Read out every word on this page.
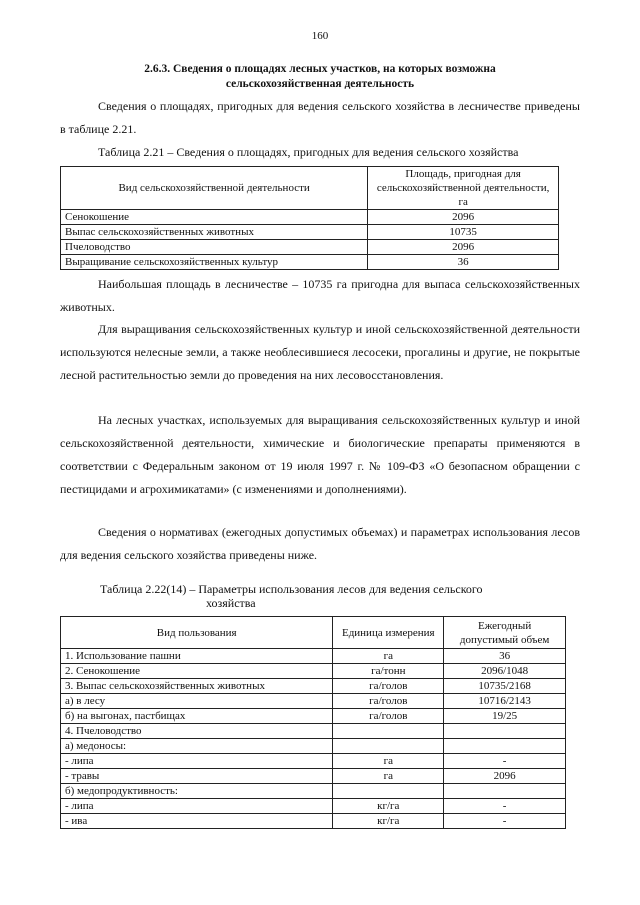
160
2.6.3. Сведения о площадях лесных участков, на которых возможна
сельскохозяйственная деятельность

Сведения о площадях, пригодных для ведения сельского хозяйства в лесничестве приведены в таблице 2.21.

Таблица 2.21 – Сведения о площадях, пригодных для ведения сельского хозяйства

Вид сельскохозяйственной деятельности	Площадь, пригодная для сельскохозяйственной деятельности, га
Сенокошение	2096
Выпас сельскохозяйственных животных	10735
Пчеловодство	2096
Выращивание сельскохозяйственных культур	36

Наибольшая площадь в лесничестве – 10735 га пригодна для выпаса сельскохозяйственных животных.

Для выращивания сельскохозяйственных культур и иной сельскохозяйственной деятельности используются нелесные земли, а также необлесившиеся лесосеки, прогалины и другие, не покрытые лесной растительностью земли до проведения на них лесовосстановления.

На лесных участках, используемых для выращивания сельскохозяйственных культур и иной сельскохозяйственной деятельности, химические и биологические препараты применяются в соответствии с Федеральным законом от 19 июля 1997 г. № 109-ФЗ «О безопасном обращении с пестицидами и агрохимикатами» (с изменениями и дополнениями).

Сведения о нормативах (ежегодных допустимых объемах) и параметрах использования лесов для ведения сельского хозяйства приведены ниже.

Таблица 2.22(14) – Параметры использования лесов для ведения сельского
хозяйства
Вид пользования	Единица измерения	Ежегодный допустимый объем
1. Использование пашни	га	36
2. Сенокошение	га/тонн	2096/1048
3. Выпас сельскохозяйственных животных	га/голов	10735/2168
а) в лесу	га/голов	10716/2143
б) на выгонах, пастбищах	га/голов	19/25
4. Пчеловодство		
а) медоносы:		
- липа	га	-
- травы	га	2096
б) медопродуктивность:		
- липа	кг/га	-
- ива	кг/га	-
